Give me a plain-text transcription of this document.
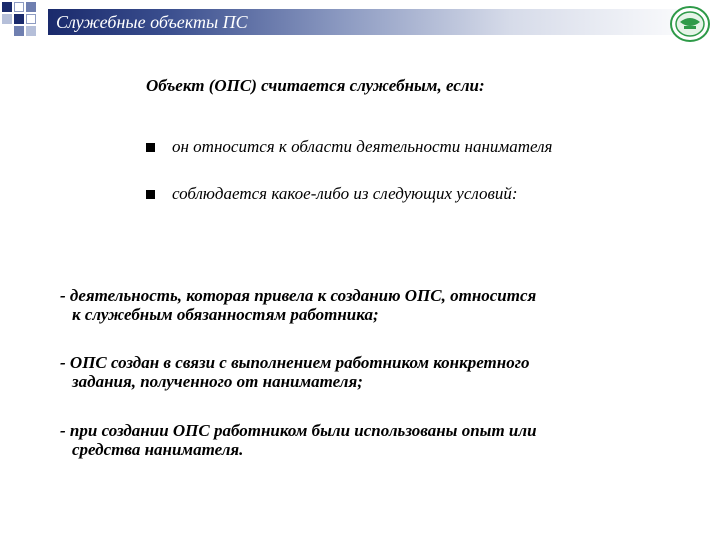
Служебные объекты ПС
Объект (ОПС) считается служебным, если:
он относится к области деятельности нанимателя
соблюдается какое-либо из следующих условий:
- деятельность, которая привела к созданию ОПС, относится
к служебным обязанностям работника;
- ОПС создан в связи с выполнением работником конкретного
задания, полученного от нанимателя;
- при создании ОПС работником были использованы опыт или
средства нанимателя.
